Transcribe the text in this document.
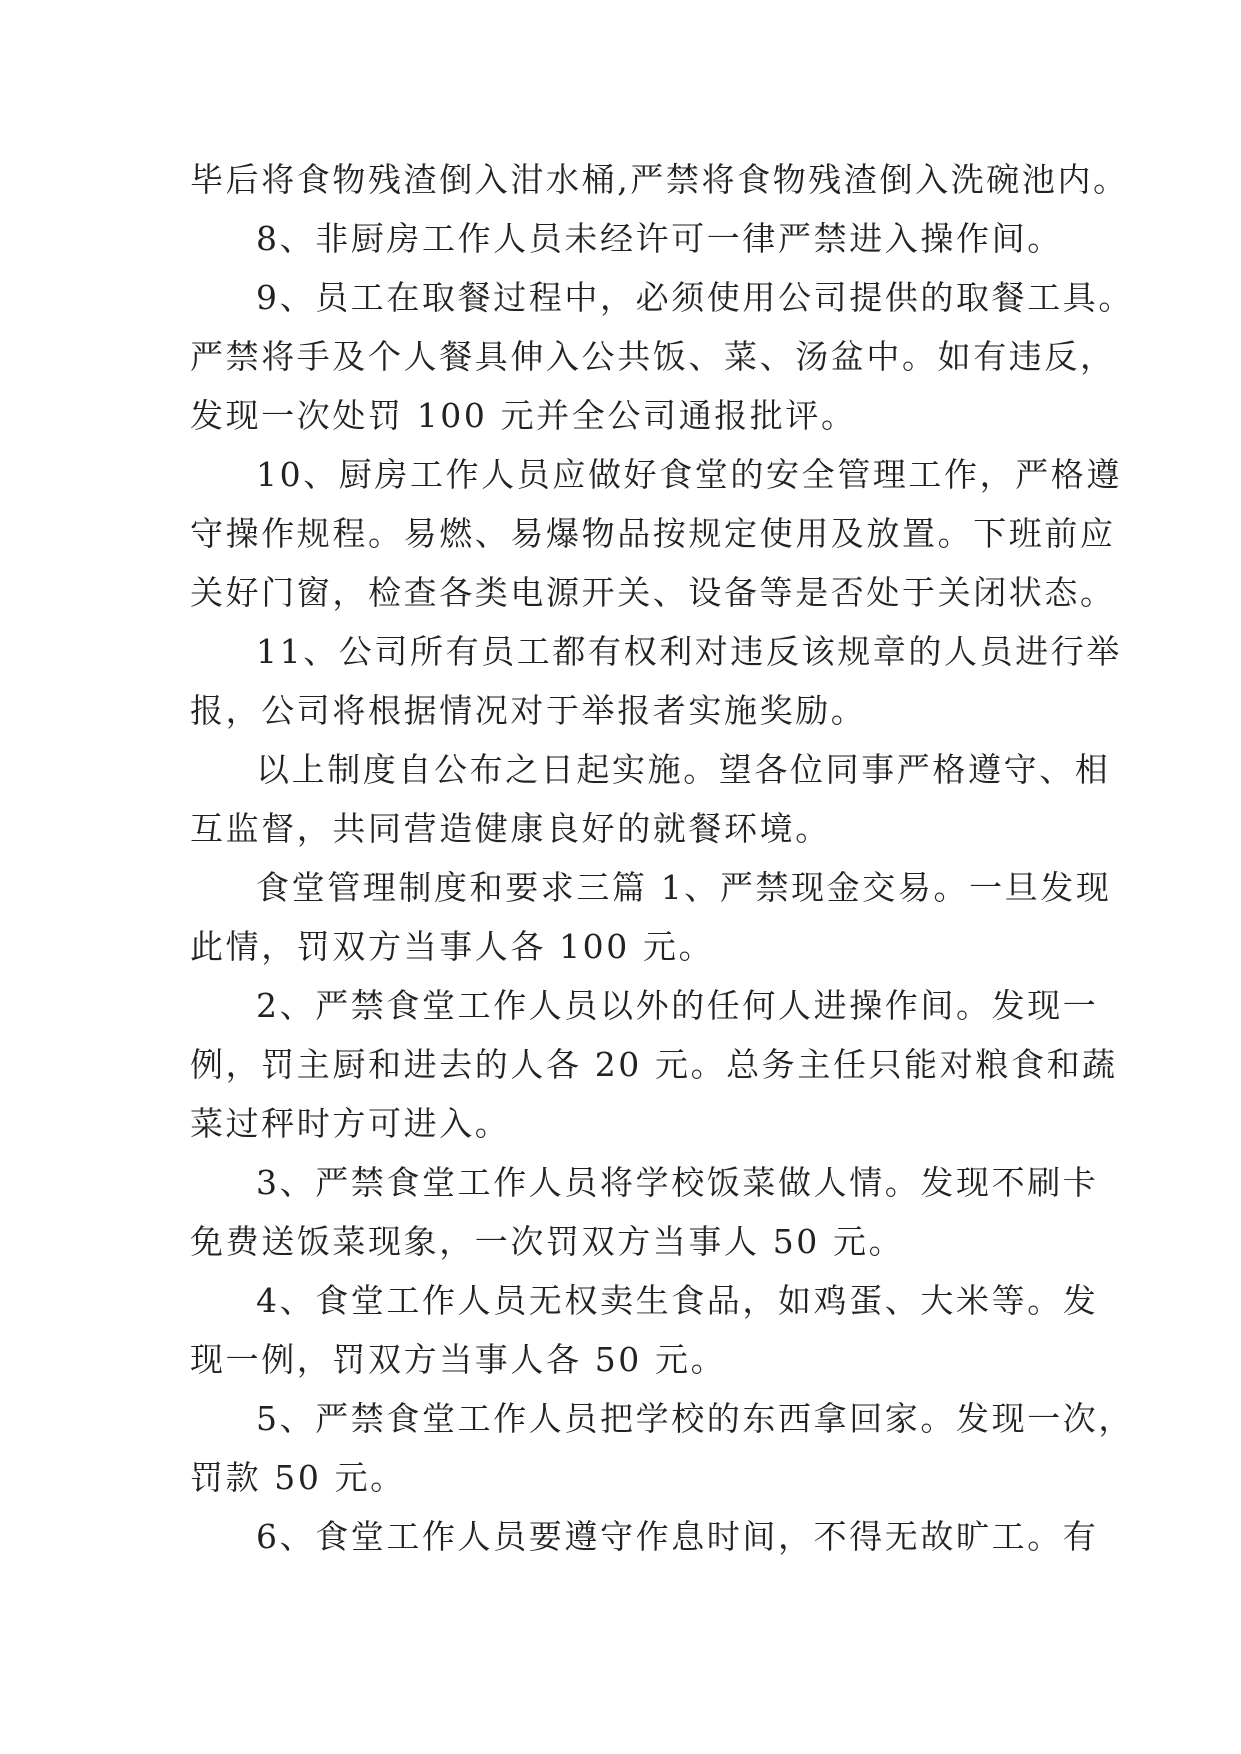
毕后将食物残渣倒入泔水桶,严禁将食物残渣倒入洗碗池内。
8、非厨房工作人员未经许可一律严禁进入操作间。
9、员工在取餐过程中，必须使用公司提供的取餐工具。
严禁将手及个人餐具伸入公共饭、菜、汤盆中。如有违反，
发现一次处罚 100 元并全公司通报批评。
10、厨房工作人员应做好食堂的安全管理工作，严格遵
守操作规程。易燃、易爆物品按规定使用及放置。下班前应
关好门窗，检查各类电源开关、设备等是否处于关闭状态。
11、公司所有员工都有权利对违反该规章的人员进行举
报，公司将根据情况对于举报者实施奖励。
以上制度自公布之日起实施。望各位同事严格遵守、相
互监督，共同营造健康良好的就餐环境。
食堂管理制度和要求三篇 1、严禁现金交易。一旦发现
此情，罚双方当事人各 100 元。
2、严禁食堂工作人员以外的任何人进操作间。发现一
例，罚主厨和进去的人各 20 元。总务主任只能对粮食和蔬
菜过秤时方可进入。
3、严禁食堂工作人员将学校饭菜做人情。发现不刷卡
免费送饭菜现象，一次罚双方当事人 50 元。
4、食堂工作人员无权卖生食品，如鸡蛋、大米等。发
现一例，罚双方当事人各 50 元。
5、严禁食堂工作人员把学校的东西拿回家。发现一次，
罚款 50 元。
6、食堂工作人员要遵守作息时间，不得无故旷工。有
